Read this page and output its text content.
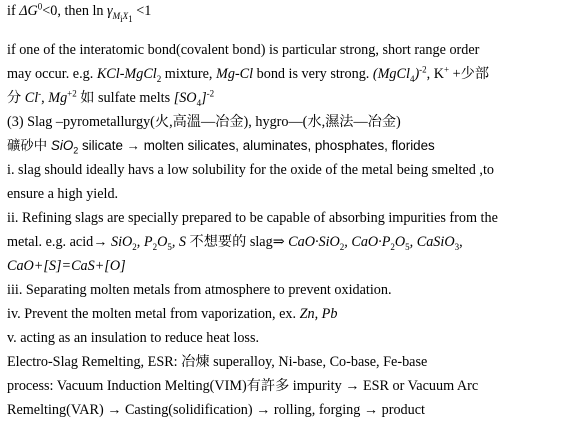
if $\Delta G^0<0$, then $\ln \gamma_{M_iX_1} <1$
if one of the interatomic bond(covalent bond) is particular strong, short range order
may occur. e.g. KCl-MgCl$_2$ mixture, Mg-Cl bond is very strong. (MgCl$_4$)$^{-2}$, K+ +少部
分 Cl-, $Mg^{+2}$ 如 sulfate melts $[SO_4]^{-2}$
(3) Slag –pyrometallurgy(火,高溫—冶金), hygro—(水,濕法—冶金)
礦砂中 SiO$_2$ silicate → molten silicates, aluminates, phosphates, florides
i. slag should ideally havs a low solubility for the oxide of the metal being smelted ,to
ensure a high yield.
ii. Refining slags are specially prepared to be capable of absorbing impurities from the
metal. e.g. acid→ SiO$_2$, $P_2O_5$, S 不想要的 slag⇒ CaO·SiO$_2$, $CaO\cdot P_2O_5$, CaSiO$_3$,
CaO+[S]=CaS+[O]
iii. Separating molten metals from atmosphere to prevent oxidation.
iv. Prevent the molten metal from vaporization, ex. Zn, Pb
v. acting as an insulation to reduce heat loss.
Electro-Slag Remelting, ESR: 冶煉 superalloy, Ni-base, Co-base, Fe-base
process: Vacuum Induction Melting(VIM)有許多 impurity → ESR or Vacuum Arc
Remelting(VAR) → Casting(solidification) → rolling, forging → product
